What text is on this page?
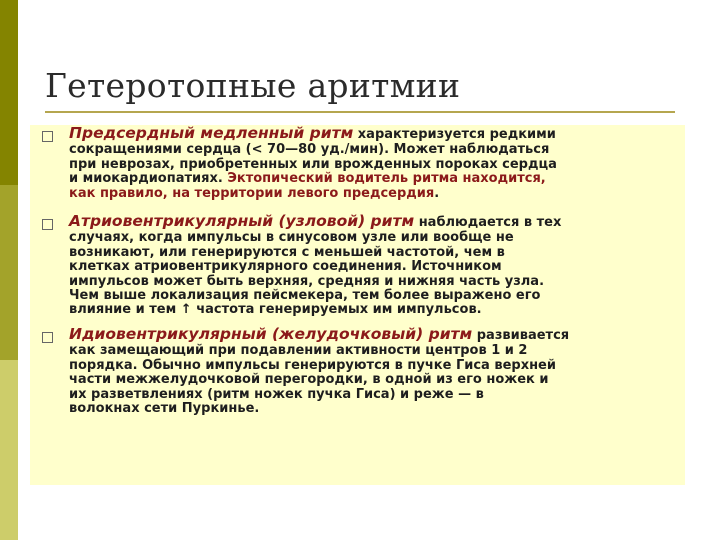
Гетеротопные аритмии

Предсердный медленный ритм характеризуется редкими
сокращениями сердца (< 70—80 уд./мин). Может наблюдаться
при неврозах, приобретенных или врожденных пороках сердца
и миокардиопатиях. Эктопический водитель ритма находится,
как правило, на территории левого предсердия.

Атриовентрикулярный (узловой) ритм наблюдается в тех
случаях, когда импульсы в синусовом узле или вообще не
возникают, или генерируются с меньшей частотой, чем в
клетках атриовентрикулярного соединения. Источником
импульсов может быть верхняя, средняя и нижняя часть узла.
Чем выше локализация пейсмекера, тем более выражено его
влияние и тем ↑ частота генерируемых им импульсов.

Идиовентрикулярный (желудочковый) ритм развивается
как замещающий при подавлении активности центров 1 и 2
порядка. Обычно импульсы генерируются в пучке Гиса верхней
части межжелудочковой перегородки, в одной из его ножек и
их разветвлениях (ритм ножек пучка Гиса) и реже — в
волокнах сети Пуркинье.
